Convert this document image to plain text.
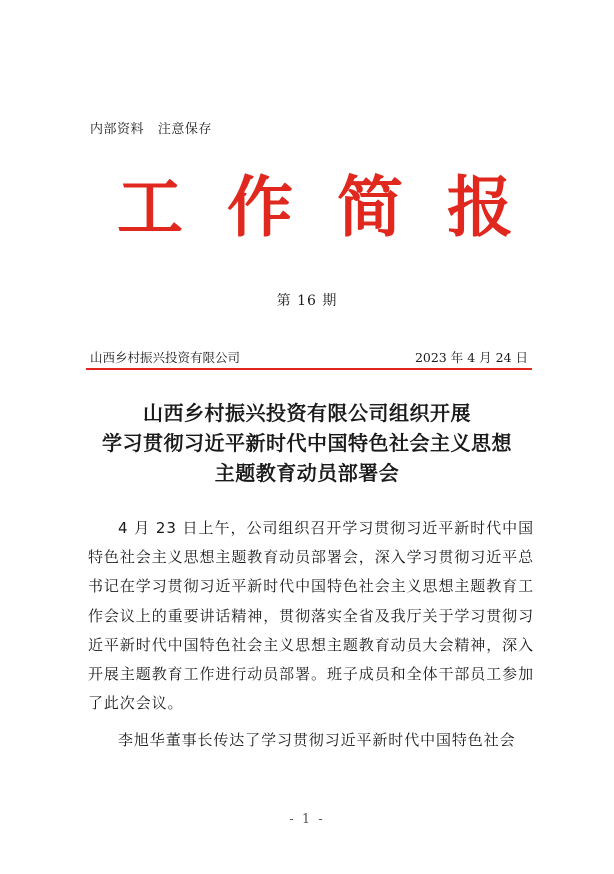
内部资料   注意保存
工 作 简 报
第 16 期
山西乡村振兴投资有限公司	2023 年 4 月 24 日
山西乡村振兴投资有限公司组织开展
学习贯彻习近平新时代中国特色社会主义思想
主题教育动员部署会

4 月 23 日上午，公司组织召开学习贯彻习近平新时代中国特色社会主义思想主题教育动员部署会，深入学习贯彻习近平总书记在学习贯彻习近平新时代中国特色社会主义思想主题教育工作会议上的重要讲话精神，贯彻落实全省及我厅关于学习贯彻习近平新时代中国特色社会主义思想主题教育动员大会精神，深入开展主题教育工作进行动员部署。班子成员和全体干部员工参加了此次会议。

李旭华董事长传达了学习贯彻习近平新时代中国特色社会

- 1 -
